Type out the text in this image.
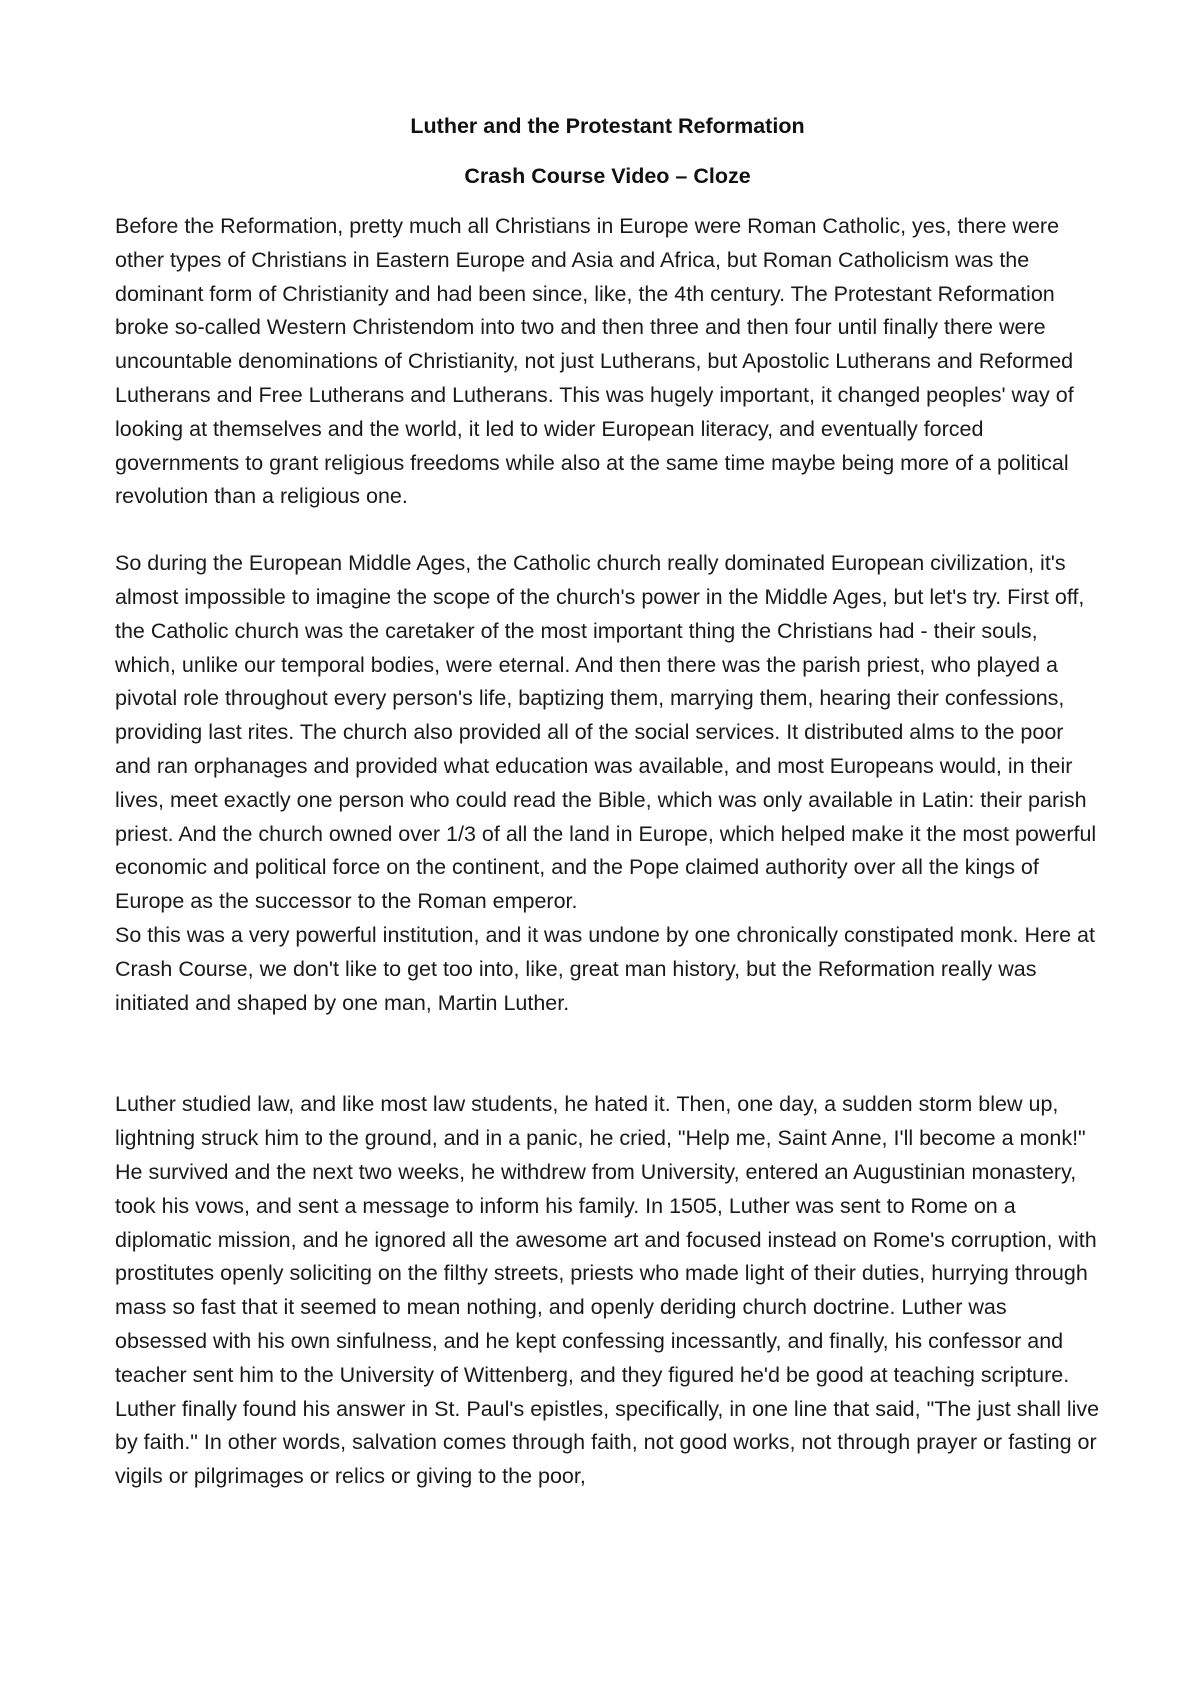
Luther and the Protestant Reformation
Crash Course Video – Cloze

Before the Reformation, pretty much all Christians in Europe were Roman Catholic, yes, there were other types of Christians in Eastern Europe and Asia and Africa, but Roman Catholicism was the dominant form of Christianity and had been since, like, the 4th century. The Protestant Reformation broke so-called Western Christendom into two and then three and then four until finally there were uncountable denominations of Christianity, not just Lutherans, but Apostolic Lutherans and Reformed Lutherans and Free Lutherans and Lutherans. This was hugely important, it changed peoples' way of looking at themselves and the world, it led to wider European literacy, and eventually forced governments to grant religious freedoms while also at the same time maybe being more of a political revolution than a religious one.

So during the European Middle Ages, the Catholic church really dominated European civilization, it's almost impossible to imagine the scope of the church's power in the Middle Ages, but let's try. First off, the Catholic church was the caretaker of the most important thing the Christians had - their souls, which, unlike our temporal bodies, were eternal. And then there was the parish priest, who played a pivotal role throughout every person's life, baptizing them, marrying them, hearing their confessions, providing last rites. The church also provided all of the social services. It distributed alms to the poor and ran orphanages and provided what education was available, and most Europeans would, in their lives, meet exactly one person who could read the Bible, which was only available in Latin: their parish priest. And the church owned over 1/3 of all the land in Europe, which helped make it the most powerful economic and political force on the continent, and the Pope claimed authority over all the kings of Europe as the successor to the Roman emperor.

So this was a very powerful institution, and it was undone by one chronically constipated monk. Here at Crash Course, we don't like to get too into, like, great man history, but the Reformation really was initiated and shaped by one man, Martin Luther.

Luther studied law, and like most law students, he hated it. Then, one day, a sudden storm blew up, lightning struck him to the ground, and in a panic, he cried, "Help me, Saint Anne, I'll become a monk!" He survived and the next two weeks, he withdrew from University, entered an Augustinian monastery, took his vows, and sent a message to inform his family. In 1505, Luther was sent to Rome on a diplomatic mission, and he ignored all the awesome art and focused instead on Rome's corruption, with prostitutes openly soliciting on the filthy streets, priests who made light of their duties, hurrying through mass so fast that it seemed to mean nothing, and openly deriding church doctrine. Luther was obsessed with his own sinfulness, and he kept confessing incessantly, and finally, his confessor and teacher sent him to the University of Wittenberg, and they figured he'd be good at teaching scripture. Luther finally found his answer in St. Paul's epistles, specifically, in one line that said, "The just shall live by faith." In other words, salvation comes through faith, not good works, not through prayer or fasting or vigils or pilgrimages or relics or giving to the poor,
